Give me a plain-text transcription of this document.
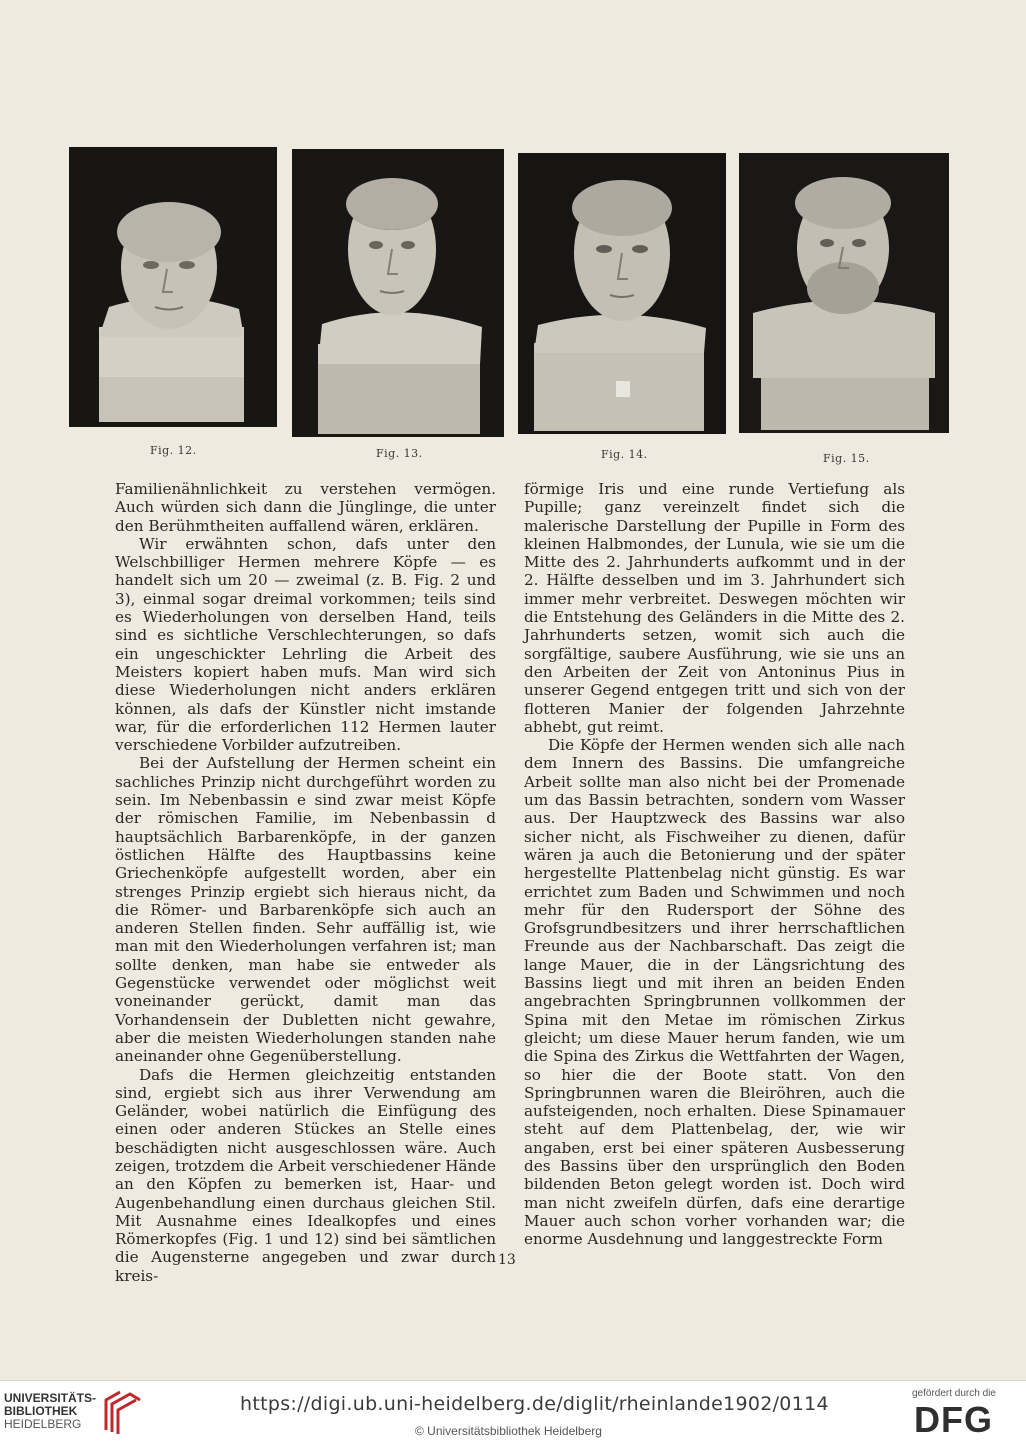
Fig. 12.	Fig. 13.	Fig. 14.	Fig. 15.

Familienähnlichkeit zu verstehen vermögen. Auch würden sich dann die Jünglinge, die unter den Berühmtheiten auffallend wären, erklären.

Wir erwähnten schon, dafs unter den Welschbilliger Hermen mehrere Köpfe — es handelt sich um 20 — zweimal (z. B. Fig. 2 und 3), einmal sogar dreimal vorkommen; teils sind es Wiederholungen von derselben Hand, teils sind es sichtliche Verschlechterungen, so dafs ein ungeschickter Lehrling die Arbeit des Meisters kopiert haben mufs. Man wird sich diese Wiederholungen nicht anders erklären können, als dafs der Künstler nicht imstande war, für die erforderlichen 112 Hermen lauter verschiedene Vorbilder aufzutreiben.

Bei der Aufstellung der Hermen scheint ein sachliches Prinzip nicht durchgeführt worden zu sein. Im Nebenbassin e sind zwar meist Köpfe der römischen Familie, im Nebenbassin d hauptsächlich Barbarenköpfe, in der ganzen östlichen Hälfte des Hauptbassins keine Griechenköpfe aufgestellt worden, aber ein strenges Prinzip ergiebt sich hieraus nicht, da die Römer- und Barbarenköpfe sich auch an anderen Stellen finden. Sehr auffällig ist, wie man mit den Wiederholungen verfahren ist; man sollte denken, man habe sie entweder als Gegenstücke verwendet oder möglichst weit voneinander gerückt, damit man das Vorhandensein der Dubletten nicht gewahre, aber die meisten Wiederholungen standen nahe aneinander ohne Gegenüberstellung.

Dafs die Hermen gleichzeitig entstanden sind, ergiebt sich aus ihrer Verwendung am Geländer, wobei natürlich die Einfügung des einen oder anderen Stückes an Stelle eines beschädigten nicht ausgeschlossen wäre. Auch zeigen, trotzdem die Arbeit verschiedener Hände an den Köpfen zu bemerken ist, Haar- und Augenbehandlung einen durchaus gleichen Stil. Mit Ausnahme eines Idealkopfes und eines Römerkopfes (Fig. 1 und 12) sind bei sämtlichen die Augensterne angegeben und zwar durch kreis-

förmige Iris und eine runde Vertiefung als Pupille; ganz vereinzelt findet sich die malerische Darstellung der Pupille in Form des kleinen Halbmondes, der Lunula, wie sie um die Mitte des 2. Jahrhunderts aufkommt und in der 2. Hälfte desselben und im 3. Jahrhundert sich immer mehr verbreitet. Deswegen möchten wir die Entstehung des Geländers in die Mitte des 2. Jahrhunderts setzen, womit sich auch die sorgfältige, saubere Ausführung, wie sie uns an den Arbeiten der Zeit von Antoninus Pius in unserer Gegend entgegen tritt und sich von der flotteren Manier der folgenden Jahrzehnte abhebt, gut reimt.

Die Köpfe der Hermen wenden sich alle nach dem Innern des Bassins. Die umfangreiche Arbeit sollte man also nicht bei der Promenade um das Bassin betrachten, sondern vom Wasser aus. Der Hauptzweck des Bassins war also sicher nicht, als Fischweiher zu dienen, dafür wären ja auch die Betonierung und der später hergestellte Plattenbelag nicht günstig. Es war errichtet zum Baden und Schwimmen und noch mehr für den Rudersport der Söhne des Grofsgrundbesitzers und ihrer herrschaftlichen Freunde aus der Nachbarschaft. Das zeigt die lange Mauer, die in der Längsrichtung des Bassins liegt und mit ihren an beiden Enden angebrachten Springbrunnen vollkommen der Spina mit den Metae im römischen Zirkus gleicht; um diese Mauer herum fanden, wie um die Spina des Zirkus die Wettfahrten der Wagen, so hier die der Boote statt. Von den Springbrunnen waren die Bleiröhren, auch die aufsteigenden, noch erhalten. Diese Spinamauer steht auf dem Plattenbelag, der, wie wir angaben, erst bei einer späteren Ausbesserung des Bassins über den ursprünglich den Boden bildenden Beton gelegt worden ist. Doch wird man nicht zweifeln dürfen, dafs eine derartige Mauer auch schon vorher vorhanden war; die enorme Ausdehnung und langgestreckte Form

13
UNIVERSITÄTS-
BIBLIOTHEK
HEIDELBERG
https://digi.ub.uni-heidelberg.de/diglit/rheinlande1902/0114
© Universitätsbibliothek Heidelberg
gefördert durch die
DFG
